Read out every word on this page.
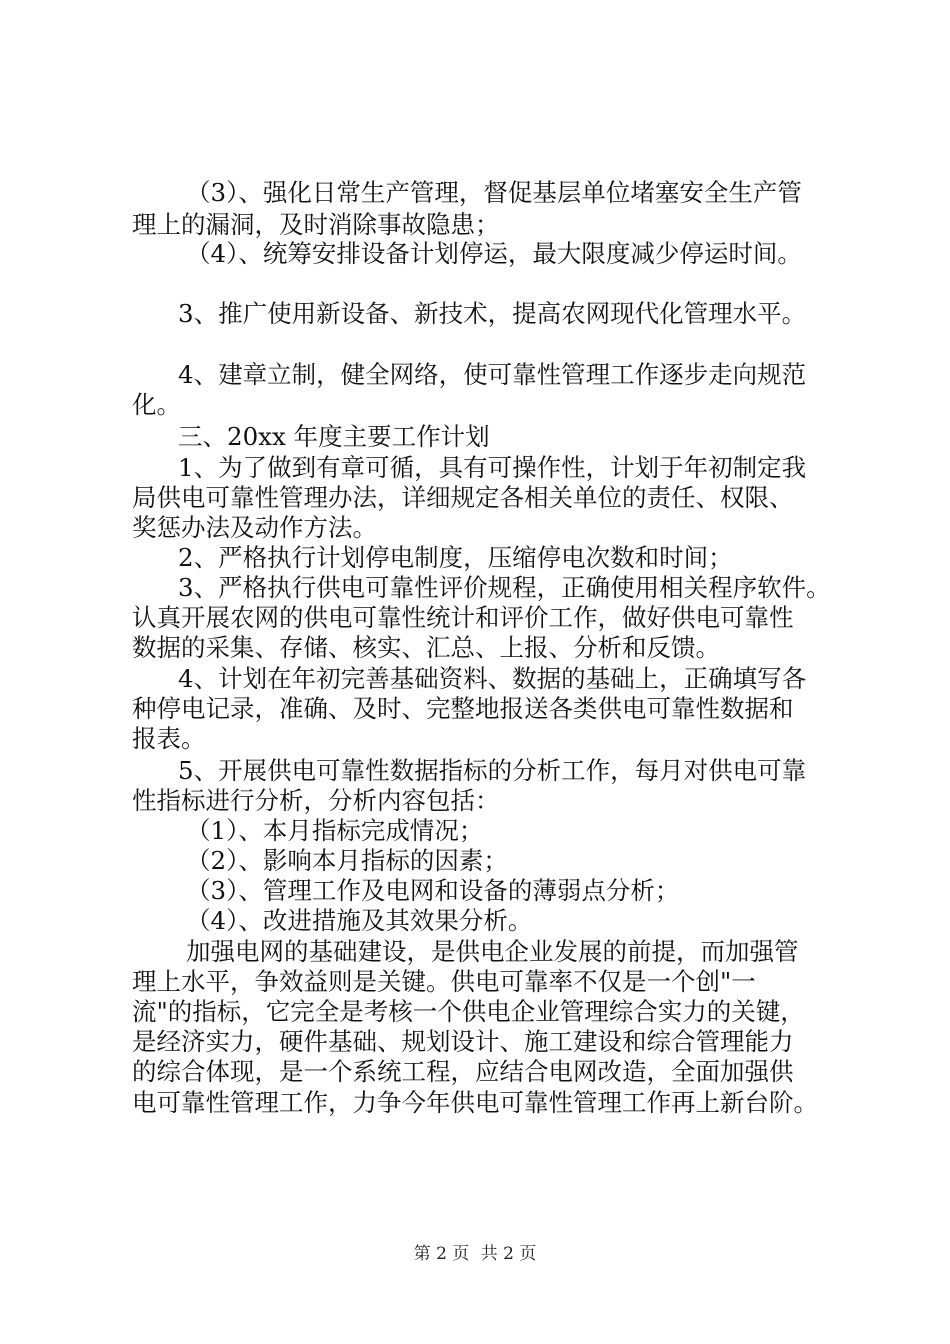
（3）、强化日常生产管理，督促基层单位堵塞安全生产管
理上的漏洞，及时消除事故隐患；
（4）、统筹安排设备计划停运，最大限度减少停运时间。
3、推广使用新设备、新技术，提高农网现代化管理水平。
4、建章立制，健全网络，使可靠性管理工作逐步走向规范
化。
三、20xx 年度主要工作计划
1、为了做到有章可循，具有可操作性，计划于年初制定我
局供电可靠性管理办法，详细规定各相关单位的责任、权限、
奖惩办法及动作方法。
2、严格执行计划停电制度，压缩停电次数和时间；
3、严格执行供电可靠性评价规程，正确使用相关程序软件。
认真开展农网的供电可靠性统计和评价工作，做好供电可靠性
数据的采集、存储、核实、汇总、上报、分析和反馈。
4、计划在年初完善基础资料、数据的基础上，正确填写各
种停电记录，准确、及时、完整地报送各类供电可靠性数据和
报表。
5、开展供电可靠性数据指标的分析工作，每月对供电可靠
性指标进行分析，分析内容包括：
（1）、本月指标完成情况；
（2）、影响本月指标的因素；
（3）、管理工作及电网和设备的薄弱点分析；
（4）、改进措施及其效果分析。
加强电网的基础建设，是供电企业发展的前提，而加强管
理上水平，争效益则是关键。供电可靠率不仅是一个创"一
流"的指标，它完全是考核一个供电企业管理综合实力的关键，
是经济实力，硬件基础、规划设计、施工建设和综合管理能力
的综合体现，是一个系统工程，应结合电网改造，全面加强供
电可靠性管理工作，力争今年供电可靠性管理工作再上新台阶。
第 2 页 共 2 页
